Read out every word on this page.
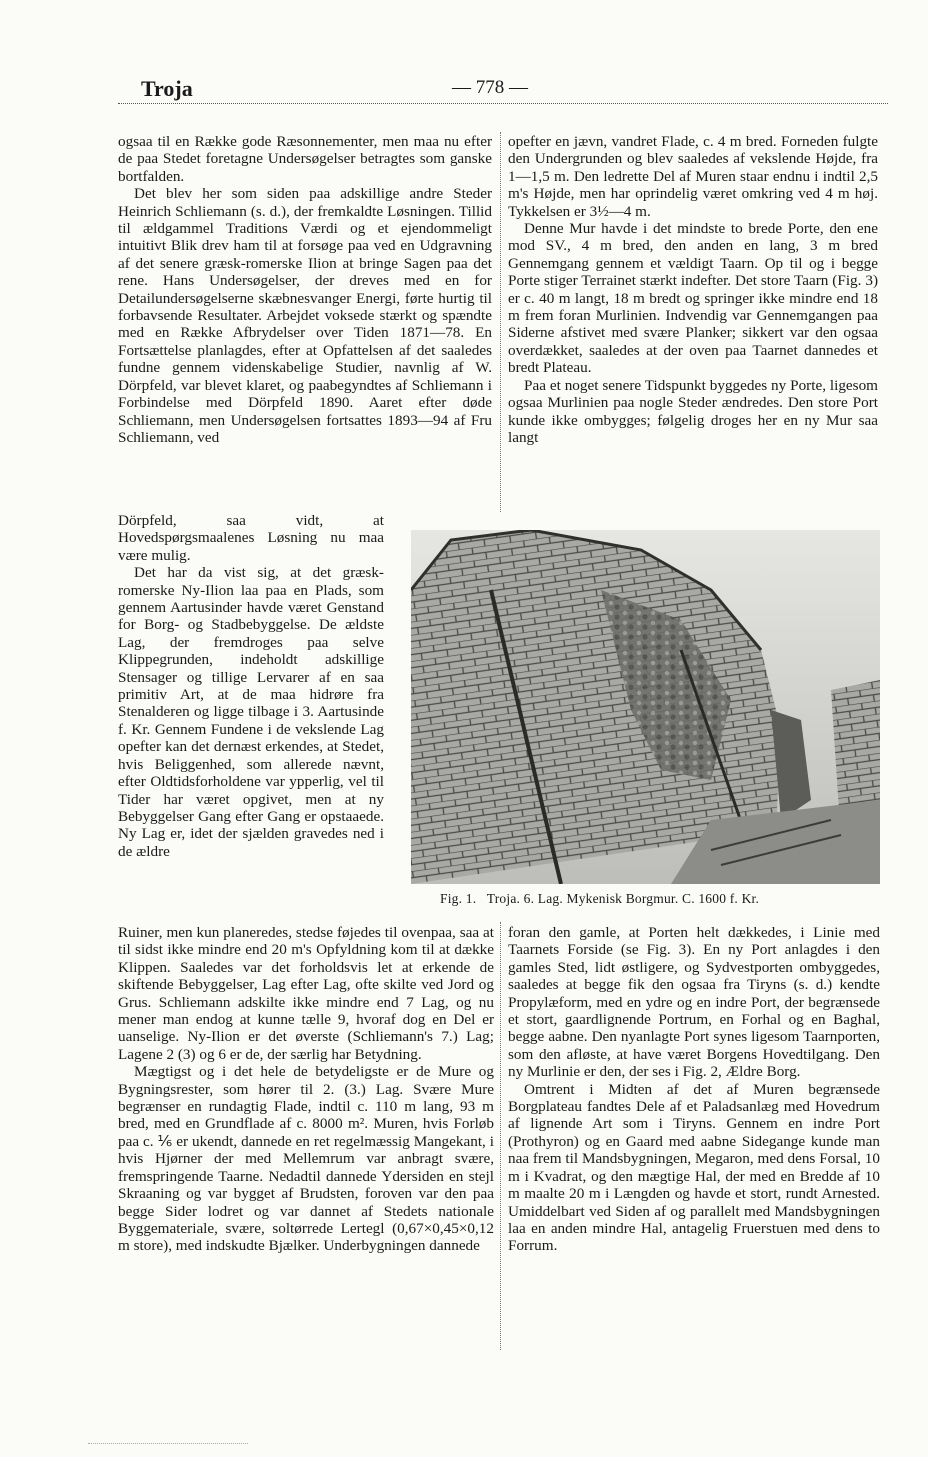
Troja	— 778 —

ogsaa til en Række gode Ræsonnementer, men maa nu efter de paa Stedet foretagne Undersøgelser betragtes som ganske bortfalden.

Det blev her som siden paa adskillige andre Steder Heinrich Schliemann (s. d.), der fremkaldte Løsningen. Tillid til ældgammel Traditions Værdi og et ejendommeligt intuitivt Blik drev ham til at forsøge paa ved en Udgravning af det senere græsk-romerske Ilion at bringe Sagen paa det rene. Hans Undersøgelser, der dreves med en for Detailundersøgelserne skæbnesvanger Energi, førte hurtig til forbavsende Resultater. Arbejdet voksede stærkt og spændte med en Række Afbrydelser over Tiden 1871—78. En Fortsættelse planlagdes, efter at Opfattelsen af det saaledes fundne gennem videnskabelige Studier, navnlig af W. Dörpfeld, var blevet klaret, og paabegyndtes af Schliemann i Forbindelse med Dörpfeld 1890. Aaret efter døde Schliemann, men Undersøgelsen fortsattes 1893—94 af Fru Schliemann, ved

Dörpfeld, saa vidt, at Hovedspørgsmaalenes Løsning nu maa være mulig.

Det har da vist sig, at det græsk-romerske Ny-Ilion laa paa en Plads, som gennem Aartusinder havde været Genstand for Borg- og Stadbebyggelse. De ældste Lag, der fremdroges paa selve Klippegrunden, indeholdt adskillige Stensager og tillige Lervarer af en saa primitiv Art, at de maa hidrøre fra Stenalderen og ligge tilbage i 3. Aartusinde f. Kr. Gennem Fundene i de vekslende Lag opefter kan det dernæst erkendes, at Stedet, hvis Beliggenhed, som allerede nævnt, efter Oldtidsforholdene var ypperlig, vel til Tider har været opgivet, men at ny Bebyggelser Gang efter Gang er opstaaede. Ny Lag er, idet der sjælden gravedes ned i de ældre

Ruiner, men kun planeredes, stedse føjedes til ovenpaa, saa at til sidst ikke mindre end 20 m's Opfyldning kom til at dække Klippen. Saaledes var det forholdsvis let at erkende de skiftende Bebyggelser, Lag efter Lag, ofte skilte ved Jord og Grus. Schliemann adskilte ikke mindre end 7 Lag, og nu mener man endog at kunne tælle 9, hvoraf dog en Del er uanselige. Ny-Ilion er det øverste (Schliemann's 7.) Lag; Lagene 2 (3) og 6 er de, der særlig har Betydning.

Mægtigst og i det hele de betydeligste er de Mure og Bygningsrester, som hører til 2. (3.) Lag. Svære Mure begrænser en rundagtig Flade, indtil c. 110 m lang, 93 m bred, med en Grundflade af c. 8000 m². Muren, hvis Forløb paa c. ⅙ er ukendt, dannede en ret regelmæssig Mangekant, i hvis Hjørner der med Mellemrum var anbragt svære, fremspringende Taarne. Nedadtil dannede Ydersiden en stejl Skraaning og var bygget af Brudsten, foroven var den paa begge Sider lodret og var dannet af Stedets nationale Byggemateriale, svære, soltørrede Lertegl (0,67×0,45×0,12 m store), med indskudte Bjælker. Underbygningen dannede

opefter en jævn, vandret Flade, c. 4 m bred. Forneden fulgte den Undergrunden og blev saaledes af vekslende Højde, fra 1—1,5 m. Den ledrette Del af Muren staar endnu i indtil 2,5 m's Højde, men har oprindelig været omkring ved 4 m høj. Tykkelsen er 3½—4 m.

Denne Mur havde i det mindste to brede Porte, den ene mod SV., 4 m bred, den anden en lang, 3 m bred Gennemgang gennem et vældigt Taarn. Op til og i begge Porte stiger Terrainet stærkt indefter. Det store Taarn (Fig. 3) er c. 40 m langt, 18 m bredt og springer ikke mindre end 18 m frem foran Murlinien. Indvendig var Gennemgangen paa Siderne afstivet med svære Planker; sikkert var den ogsaa overdækket, saaledes at der oven paa Taarnet dannedes et bredt Plateau.

Paa et noget senere Tidspunkt byggedes ny Porte, ligesom ogsaa Murlinien paa nogle Steder ændredes. Den store Port kunde ikke ombygges; følgelig droges her en ny Mur saa langt

Fig. 1.   Troja. 6. Lag. Mykenisk Borgmur. C. 1600 f. Kr.

foran den gamle, at Porten helt dækkedes, i Linie med Taarnets Forside (se Fig. 3). En ny Port anlagdes i den gamles Sted, lidt østligere, og Sydvestporten ombyggedes, saaledes at begge fik den ogsaa fra Tiryns (s. d.) kendte Propylæform, med en ydre og en indre Port, der begrænsede et stort, gaardlignende Portrum, en Forhal og en Baghal, begge aabne. Den nyanlagte Port synes ligesom Taarnporten, som den afløste, at have været Borgens Hovedtilgang. Den ny Murlinie er den, der ses i Fig. 2, Ældre Borg.

Omtrent i Midten af det af Muren begrænsede Borgplateau fandtes Dele af et Paladsanlæg med Hovedrum af lignende Art som i Tiryns. Gennem en indre Port (Prothyron) og en Gaard med aabne Sidegange kunde man naa frem til Mandsbygningen, Megaron, med dens Forsal, 10 m i Kvadrat, og den mægtige Hal, der med en Bredde af 10 m maalte 20 m i Længden og havde et stort, rundt Arnested. Umiddelbart ved Siden af og parallelt med Mandsbygningen laa en anden mindre Hal, antagelig Fruerstuen med dens to Forrum.
